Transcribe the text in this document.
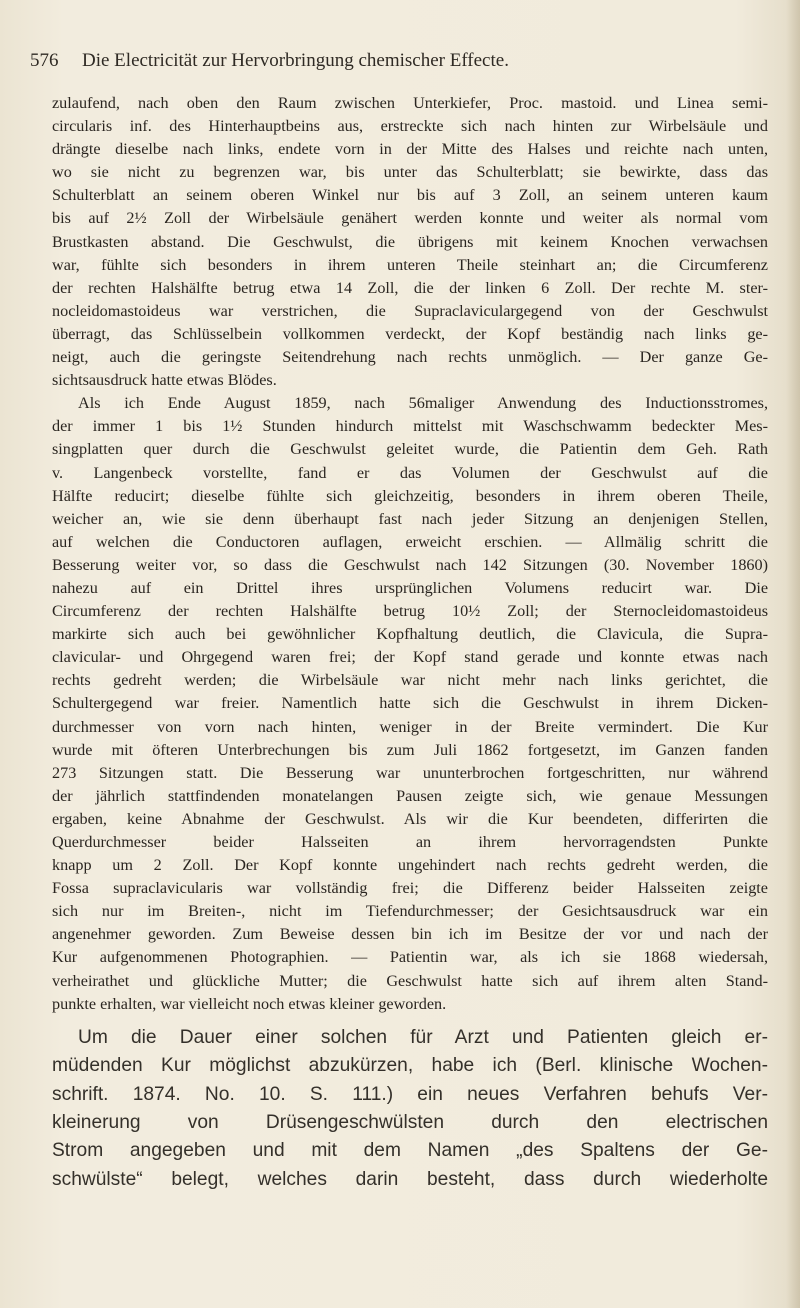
576 Die Electricität zur Hervorbringung chemischer Effecte.
zulaufend, nach oben den Raum zwischen Unterkiefer, Proc. mastoid. und Linea semi-
circularis inf. des Hinterhauptbeins aus, erstreckte sich nach hinten zur Wirbelsäule und
drängte dieselbe nach links, endete vorn in der Mitte des Halses und reichte nach unten,
wo sie nicht zu begrenzen war, bis unter das Schulterblatt; sie bewirkte, dass das
Schulterblatt an seinem oberen Winkel nur bis auf 3 Zoll, an seinem unteren kaum
bis auf 2½ Zoll der Wirbelsäule genähert werden konnte und weiter als normal vom
Brustkasten abstand. Die Geschwulst, die übrigens mit keinem Knochen verwachsen
war, fühlte sich besonders in ihrem unteren Theile steinhart an; die Circumferenz
der rechten Halshälfte betrug etwa 14 Zoll, die der linken 6 Zoll. Der rechte M. ster-
nocleidomastoideus war verstrichen, die Supraclaviculargegend von der Geschwulst
überragt, das Schlüsselbein vollkommen verdeckt, der Kopf beständig nach links ge-
neigt, auch die geringste Seitendrehung nach rechts unmöglich. — Der ganze Ge-
sichtsausdruck hatte etwas Blödes.
Als ich Ende August 1859, nach 56maliger Anwendung des Inductionsstromes,
der immer 1 bis 1½ Stunden hindurch mittelst mit Waschschwamm bedeckter Mes-
singplatten quer durch die Geschwulst geleitet wurde, die Patientin dem Geh. Rath
v. Langenbeck vorstellte, fand er das Volumen der Geschwulst auf die
Hälfte reducirt; dieselbe fühlte sich gleichzeitig, besonders in ihrem oberen Theile,
weicher an, wie sie denn überhaupt fast nach jeder Sitzung an denjenigen Stellen,
auf welchen die Conductoren auflagen, erweicht erschien. — Allmälig schritt die
Besserung weiter vor, so dass die Geschwulst nach 142 Sitzungen (30. November 1860)
nahezu auf ein Drittel ihres ursprünglichen Volumens reducirt war. Die
Circumferenz der rechten Halshälfte betrug 10½ Zoll; der Sternocleidomastoideus
markirte sich auch bei gewöhnlicher Kopfhaltung deutlich, die Clavicula, die Supra-
clavicular- und Ohrgegend waren frei; der Kopf stand gerade und konnte etwas nach
rechts gedreht werden; die Wirbelsäule war nicht mehr nach links gerichtet, die
Schultergegend war freier. Namentlich hatte sich die Geschwulst in ihrem Dicken-
durchmesser von vorn nach hinten, weniger in der Breite vermindert. Die Kur
wurde mit öfteren Unterbrechungen bis zum Juli 1862 fortgesetzt, im Ganzen fanden
273 Sitzungen statt. Die Besserung war ununterbrochen fortgeschritten, nur während
der jährlich stattfindenden monatelangen Pausen zeigte sich, wie genaue Messungen
ergaben, keine Abnahme der Geschwulst. Als wir die Kur beendeten, differirten die
Querdurchmesser beider Halsseiten an ihrem hervorragendsten Punkte
knapp um 2 Zoll. Der Kopf konnte ungehindert nach rechts gedreht werden, die
Fossa supraclavicularis war vollständig frei; die Differenz beider Halsseiten zeigte
sich nur im Breiten-, nicht im Tiefendurchmesser; der Gesichtsausdruck war ein
angenehmer geworden. Zum Beweise dessen bin ich im Besitze der vor und nach der
Kur aufgenommenen Photographien. — Patientin war, als ich sie 1868 wiedersah,
verheirathet und glückliche Mutter; die Geschwulst hatte sich auf ihrem alten Stand-
punkte erhalten, war vielleicht noch etwas kleiner geworden.
Um die Dauer einer solchen für Arzt und Patienten gleich er-
müdenden Kur möglichst abzukürzen, habe ich (Berl. klinische Wochen-
schrift. 1874. No. 10. S. 111.) ein neues Verfahren behufs Ver-
kleinerung von Drüsengeschwülsten durch den electrischen
Strom angegeben und mit dem Namen „des Spaltens der Ge-
schwülste“ belegt, welches darin besteht, dass durch wiederholte
